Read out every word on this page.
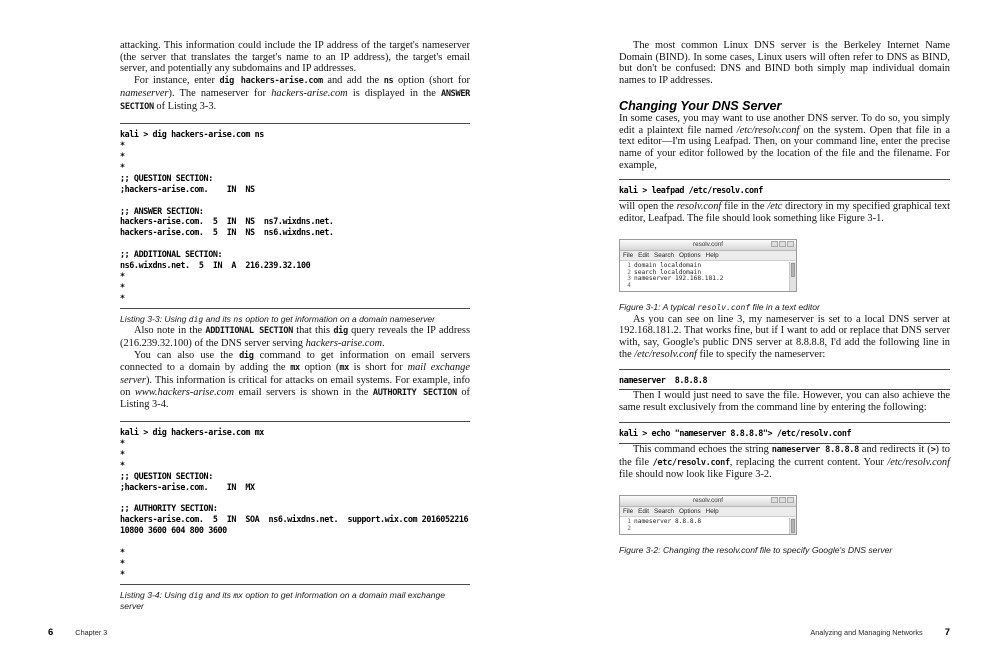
attacking. This information could include the IP address of the target's nameserver (the server that translates the target's name to an IP address), the target's email server, and potentially any subdomains and IP addresses.

For instance, enter dig hackers-arise.com and add the ns option (short for nameserver). The nameserver for hackers-arise.com is displayed in the ANSWER SECTION of Listing 3-3.

kali > dig hackers-arise.com ns
*
*
*
;; QUESTION SECTION:
;hackers-arise.com.    IN  NS

;; ANSWER SECTION:
hackers-arise.com.  5  IN  NS  ns7.wixdns.net.
hackers-arise.com.  5  IN  NS  ns6.wixdns.net.

;; ADDITIONAL SECTION:
ns6.wixdns.net.  5  IN  A  216.239.32.100
*
*
*

Listing 3-3: Using dig and its ns option to get information on a domain nameserver

Also note in the ADDITIONAL SECTION that this dig query reveals the IP address (216.239.32.100) of the DNS server serving hackers-arise.com.

You can also use the dig command to get information on email servers connected to a domain by adding the mx option (mx is short for mail exchange server). This information is critical for attacks on email systems. For example, info on www.hackers-arise.com email servers is shown in the AUTHORITY SECTION of Listing 3-4.

kali > dig hackers-arise.com mx
*
*
*
;; QUESTION SECTION:
;hackers-arise.com.    IN  MX

;; AUTHORITY SECTION:
hackers-arise.com.  5  IN  SOA  ns6.wixdns.net.  support.wix.com 2016052216
10800 3600 604 800 3600

*
*
*

Listing 3-4: Using dig and its mx option to get information on a domain mail exchange server

The most common Linux DNS server is the Berkeley Internet Name Domain (BIND). In some cases, Linux users will often refer to DNS as BIND, but don't be confused: DNS and BIND both simply map individual domain names to IP addresses.

Changing Your DNS Server

In some cases, you may want to use another DNS server. To do so, you simply edit a plaintext file named /etc/resolv.conf on the system. Open that file in a text editor—I'm using Leafpad. Then, on your command line, enter the precise name of your editor followed by the location of the file and the filename. For example,

kali > leafpad /etc/resolv.conf

will open the resolv.conf file in the /etc directory in my specified graphical text editor, Leafpad. The file should look something like Figure 3-1.

resolv.conf
File Edit Search Options Help
1 domain localdomain
2 search localdomain
3 nameserver 192.168.181.2
4

Figure 3-1: A typical resolv.conf file in a text editor

As you can see on line 3, my nameserver is set to a local DNS server at 192.168.181.2. That works fine, but if I want to add or replace that DNS server with, say, Google's public DNS server at 8.8.8.8, I'd add the following line in the /etc/resolv.conf file to specify the nameserver:

nameserver  8.8.8.8

Then I would just need to save the file. However, you can also achieve the same result exclusively from the command line by entering the following:

kali > echo "nameserver 8.8.8.8"> /etc/resolv.conf

This command echoes the string nameserver 8.8.8.8 and redirects it (>) to the file /etc/resolv.conf, replacing the current content. Your /etc/resolv.conf file should now look like Figure 3-2.

resolv.conf
File Edit Search Options Help
1 nameserver 8.8.8.8
2

Figure 3-2: Changing the resolv.conf file to specify Google's DNS server

6	Chapter 3	Analyzing and Managing Networks 7
